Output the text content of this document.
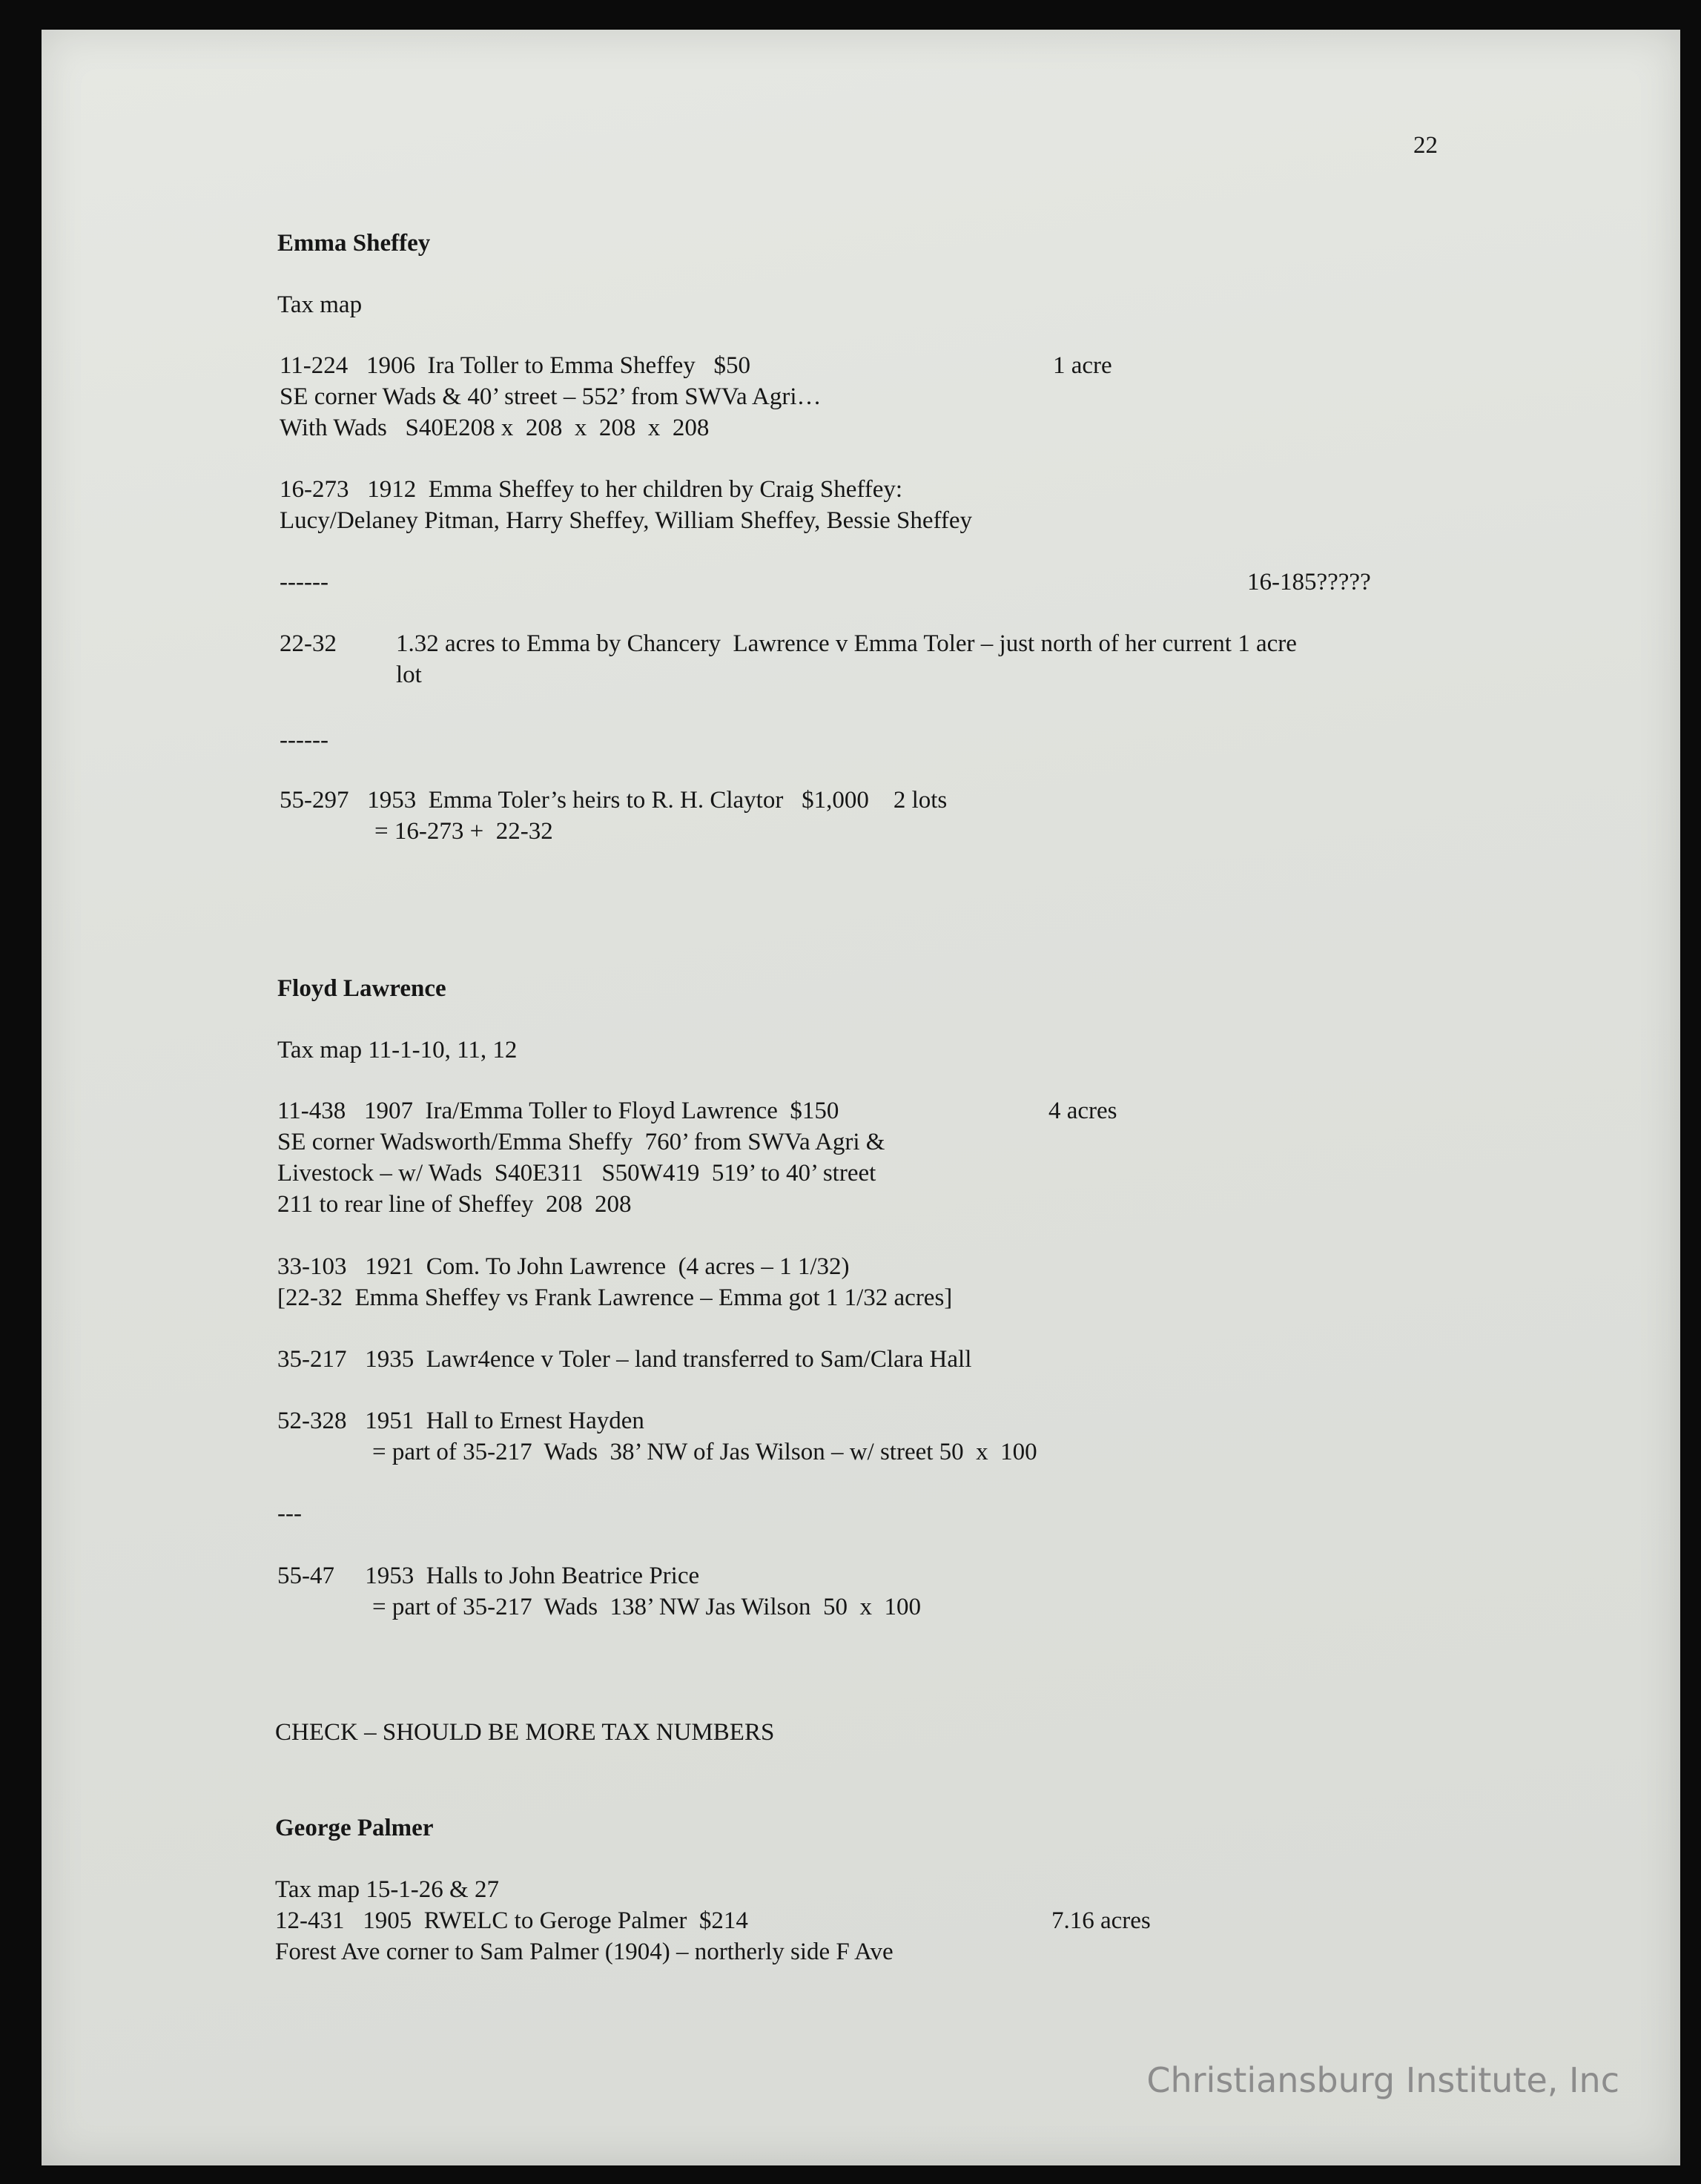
Emma Sheffey
Tax map
11-224   1906  Ira Toller to Emma Sheffey   $50	1 acre
SE corner Wads & 40’ street – 552’ from SWVa Agri…
With Wads   S40E208 x  208  x  208  x  208
16-273   1912  Emma Sheffey to her children by Craig Sheffey:
Lucy/Delaney Pitman, Harry Sheffey, William Sheffey, Bessie Sheffey
------	16-185?????
22-32 1.32 acres to Emma by Chancery  Lawrence v Emma Toler – just north of her current 1 acre
lot
------
55-297   1953  Emma Toler’s heirs to R. H. Claytor   $1,000    2 lots
= 16-273 +  22-32
Floyd Lawrence
Tax map 11-1-10, 11, 12
11-438   1907  Ira/Emma Toller to Floyd Lawrence  $150	4 acres
SE corner Wadsworth/Emma Sheffy  760’ from SWVa Agri &
Livestock – w/ Wads  S40E311   S50W419  519’ to 40’ street
211 to rear line of Sheffey  208  208
33-103   1921  Com. To John Lawrence  (4 acres – 1 1/32)
[22-32  Emma Sheffey vs Frank Lawrence – Emma got 1 1/32 acres]
35-217   1935  Lawr4ence v Toler – land transferred to Sam/Clara Hall
52-328   1951  Hall to Ernest Hayden
= part of 35-217  Wads  38’ NW of Jas Wilson – w/ street 50  x  100
---
55-47     1953  Halls to John Beatrice Price
= part of 35-217  Wads  138’ NW Jas Wilson  50  x  100
CHECK – SHOULD BE MORE TAX NUMBERS
George Palmer
Tax map 15-1-26 & 27
12-431   1905  RWELC to Geroge Palmer  $214	7.16 acres
Forest Ave corner to Sam Palmer (1904) – northerly side F Ave
22
Christiansburg Institute, Inc
